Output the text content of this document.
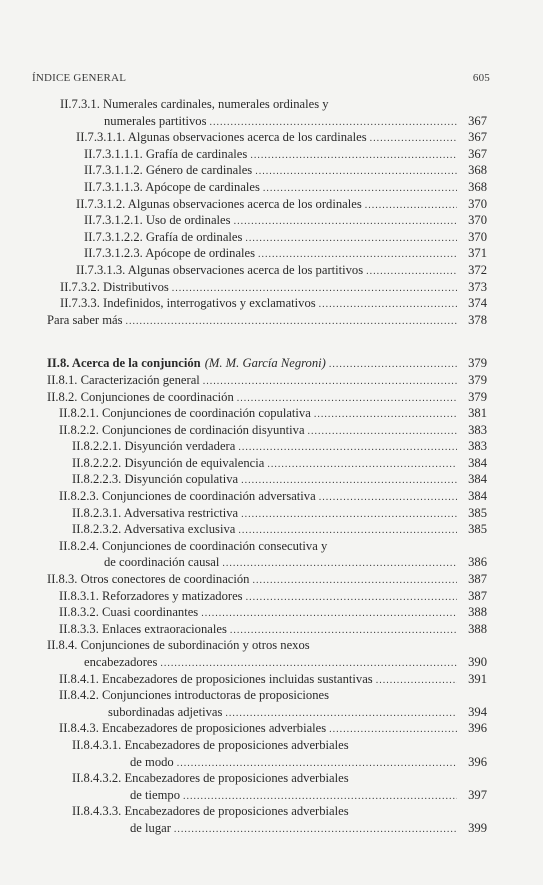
ÍNDICE GENERAL	605
II.7.3.1. Numerales cardinales, numerales ordinales y
numerales partitivos .....	367
II.7.3.1.1. Algunas observaciones acerca de los cardinales .....	367
II.7.3.1.1.1. Grafía de cardinales .....	367
II.7.3.1.1.2. Género de cardinales .....	368
II.7.3.1.1.3. Apócope de cardinales .....	368
II.7.3.1.2. Algunas observaciones acerca de los ordinales .....	370
II.7.3.1.2.1. Uso de ordinales .....	370
II.7.3.1.2.2. Grafía de ordinales .....	370
II.7.3.1.2.3. Apócope de ordinales .....	371
II.7.3.1.3. Algunas observaciones acerca de los partitivos .....	372
II.7.3.2. Distributivos .....	373
II.7.3.3. Indefinidos, interrogativos y exclamativos .....	374
Para saber más .....	378
II.8. Acerca de la conjunción (M. M. García Negroni) .....	379
II.8.1. Caracterización general .....	379
II.8.2. Conjunciones de coordinación .....	379
II.8.2.1. Conjunciones de coordinación copulativa .....	381
II.8.2.2. Conjunciones de cordinación disyuntiva .....	383
II.8.2.2.1. Disyunción verdadera .....	383
II.8.2.2.2. Disyunción de equivalencia .....	384
II.8.2.2.3. Disyunción copulativa .....	384
II.8.2.3. Conjunciones de coordinación adversativa .....	384
II.8.2.3.1. Adversativa restrictiva .....	385
II.8.2.3.2. Adversativa exclusiva .....	385
II.8.2.4. Conjunciones de coordinación consecutiva y
de coordinación causal .....	386
II.8.3. Otros conectores de coordinación .....	387
II.8.3.1. Reforzadores y matizadores .....	387
II.8.3.2. Cuasi coordinantes .....	388
II.8.3.3. Enlaces extraoracionales .....	388
II.8.4. Conjunciones de subordinación y otros nexos
encabezadores .....	390
II.8.4.1. Encabezadores de proposiciones incluidas sustantivas .....	391
II.8.4.2. Conjunciones introductoras de proposiciones
subordinadas adjetivas .....	394
II.8.4.3. Encabezadores de proposiciones adverbiales .....	396
II.8.4.3.1. Encabezadores de proposiciones adverbiales
de modo .....	396
II.8.4.3.2. Encabezadores de proposiciones adverbiales
de tiempo .....	397
II.8.4.3.3. Encabezadores de proposiciones adverbiales
de lugar .....	399
